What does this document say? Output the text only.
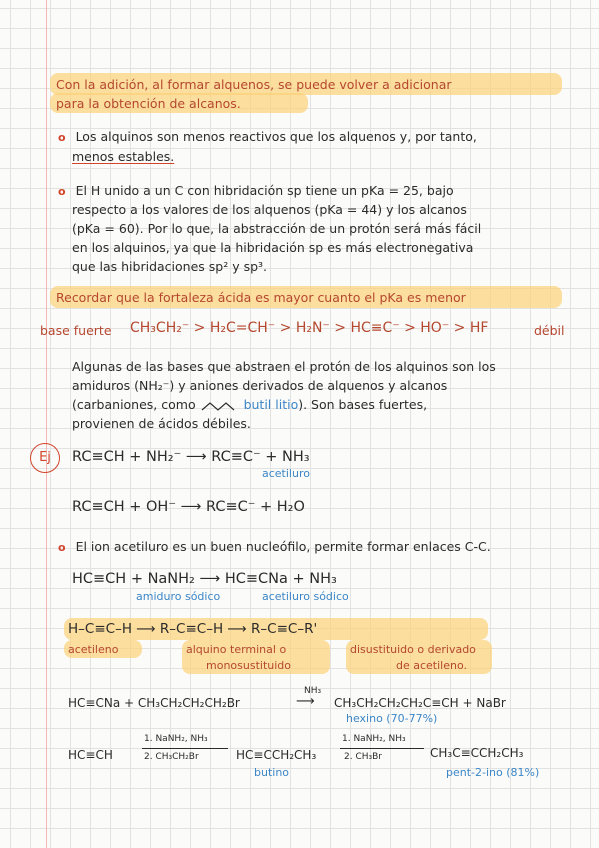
Con la adición, al formar alquenos, se puede volver a adicionar
para la obtención de alcanos.
o Los alquinos son menos reactivos que los alquenos y, por tanto,
menos estables.
o El H unido a un C con hibridación sp tiene un pKa = 25, bajo
respecto a los valores de los alquenos (pKa = 44) y los alcanos
(pKa = 60). Por lo que, la abstracción de un protón será más fácil
en los alquinos, ya que la hibridación sp es más electronegativa
que las hibridaciones sp² y sp³.
Recordar que la fortaleza ácida es mayor cuanto el pKa es menor
base fuerte CH₃CH₂⁻ > H₂C=CH⁻ > H₂N⁻ > HC≡C⁻ > HO⁻ > HF	débil
Algunas de las bases que abstraen el protón de los alquinos son los
amiduros (NH₂⁻) y aniones derivados de alquenos y alcanos
(carbaniones, como	butil litio). Son bases fuertes,
provienen de ácidos débiles.
Ej	RC≡CH + NH₂⁻ ⟶ RC≡C⁻ + NH₃
acetiluro
RC≡CH + OH⁻ ⟶ RC≡C⁻ + H₂O
o El ion acetiluro es un buen nucleófilo, permite formar enlaces C-C.
HC≡CH + NaNH₂ ⟶ HC≡CNa + NH₃
amiduro sódico	acetiluro sódico
H–C≡C–H ⟶ R–C≡C–H ⟶ R–C≡C–R'
acetileno	alquino terminal o
monosustituido
disustituido o derivado
de acetileno.
HC≡CNa + CH₃CH₂CH₂CH₂Br
NH₃
⟶ CH₃CH₂CH₂CH₂C≡CH + NaBr
hexino (70-77%)
HC≡CH
1. NaNH₂, NH₃
2. CH₃CH₂Br	HC≡CCH₂CH₃
butino
1. NaNH₂, NH₃
2. CH₃Br	CH₃C≡CCH₂CH₃
pent-2-ino (81%)
